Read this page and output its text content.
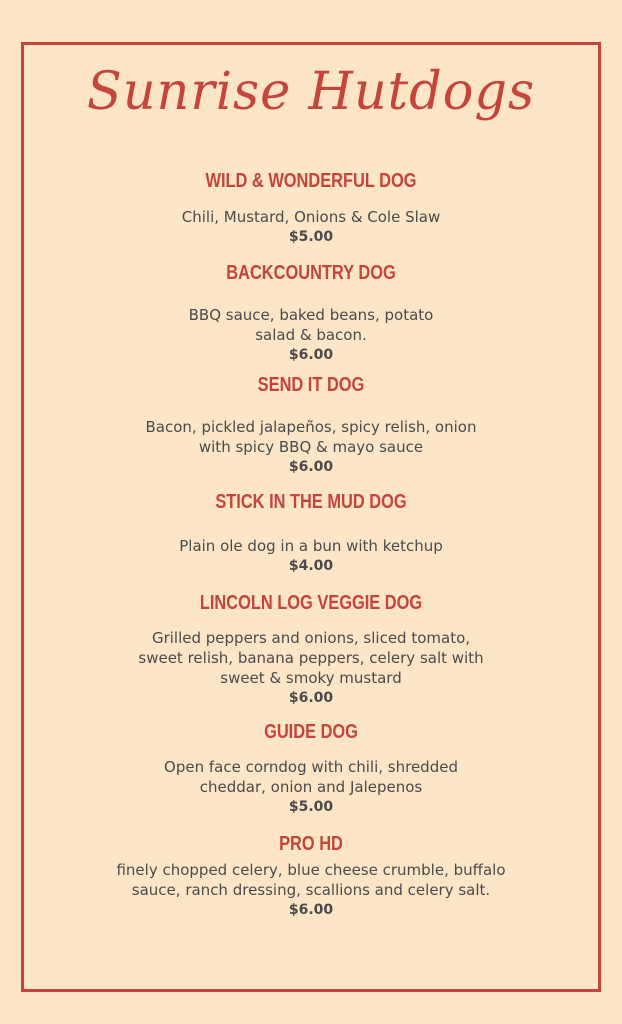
Sunrise Hutdogs
WILD & WONDERFUL DOG
Chili, Mustard, Onions & Cole Slaw
$5.00
BACKCOUNTRY DOG
BBQ sauce, baked beans, potato
salad & bacon.
$6.00
SEND IT DOG
Bacon, pickled jalapeños, spicy relish, onion
with spicy BBQ & mayo sauce
$6.00
STICK IN THE MUD DOG
Plain ole dog in a bun with ketchup
$4.00
LINCOLN LOG VEGGIE DOG
Grilled peppers and onions, sliced tomato,
sweet relish, banana peppers, celery salt with
sweet & smoky mustard
$6.00
GUIDE DOG
Open face corndog with chili, shredded
cheddar, onion and Jalepenos
$5.00
PRO HD
finely chopped celery, blue cheese crumble, buffalo
sauce, ranch dressing, scallions and celery salt.
$6.00
